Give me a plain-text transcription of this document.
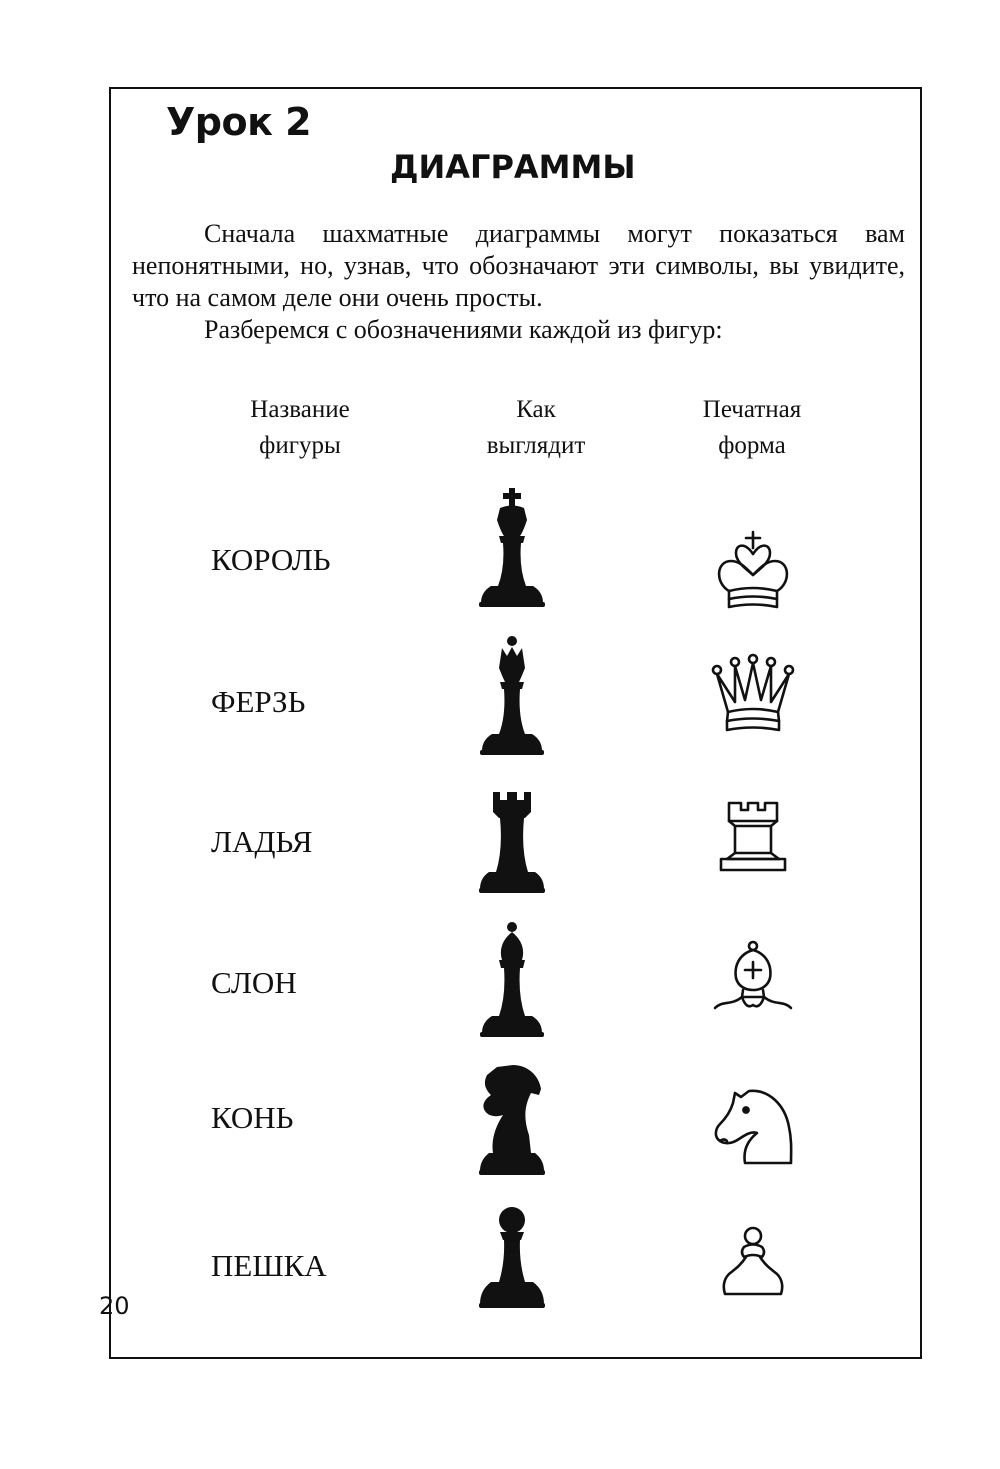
Урок 2
ДИАГРАММЫ

Сначала шахматные диаграммы могут показаться вам непонятными, но, узнав, что обозначают эти символы, вы увидите, что на самом деле они очень просты.

Разберемся с обозначениями каждой из фигур:

Название
фигуры
Как
выглядит
Печатная
форма
КОРОЛЬ
ФЕРЗЬ
ЛАДЬЯ
СЛОН
КОНЬ
ПЕШКА
20
